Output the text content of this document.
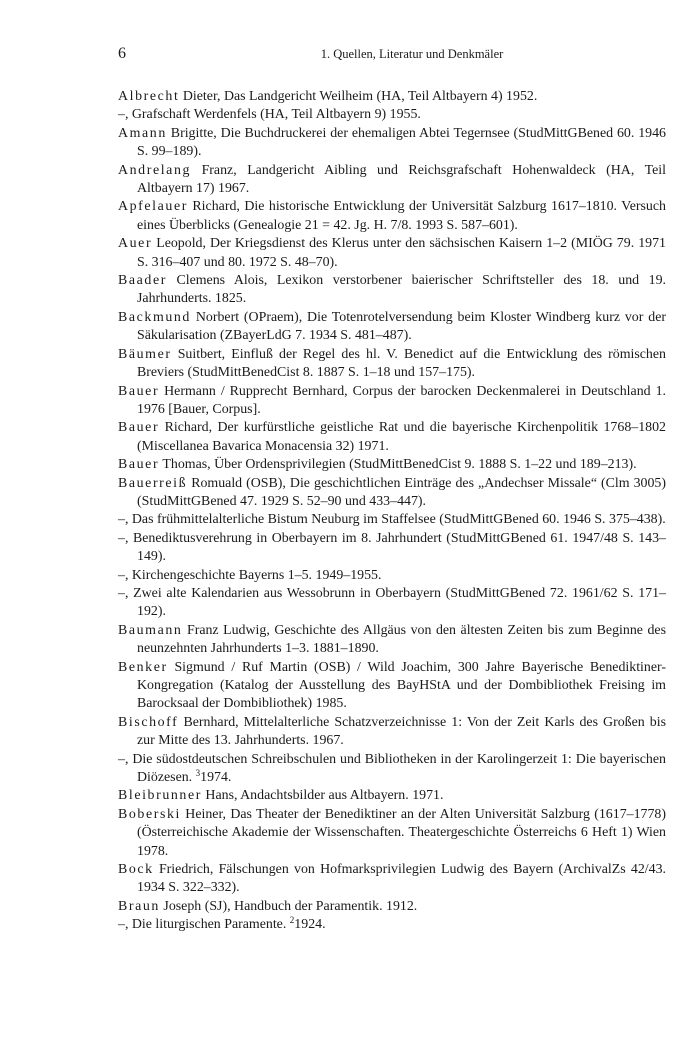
6	1. Quellen, Literatur und Denkmäler

Albrecht Dieter, Das Landgericht Weilheim (HA, Teil Altbayern 4) 1952.

–, Grafschaft Werdenfels (HA, Teil Altbayern 9) 1955.

Amann Brigitte, Die Buchdruckerei der ehemaligen Abtei Tegernsee (StudMittGBened 60. 1946 S. 99–189).

Andrelang Franz, Landgericht Aibling und Reichsgrafschaft Hohenwaldeck (HA, Teil Altbayern 17) 1967.

Apfelauer Richard, Die historische Entwicklung der Universität Salzburg 1617–1810. Versuch eines Überblicks (Genealogie 21 = 42. Jg. H. 7/8. 1993 S. 587–601).

Auer Leopold, Der Kriegsdienst des Klerus unter den sächsischen Kaisern 1–2 (MIÖG 79. 1971 S. 316–407 und 80. 1972 S. 48–70).

Baader Clemens Alois, Lexikon verstorbener baierischer Schriftsteller des 18. und 19. Jahrhunderts. 1825.

Backmund Norbert (OPraem), Die Totenrotelversendung beim Kloster Windberg kurz vor der Säkularisation (ZBayerLdG 7. 1934 S. 481–487).

Bäumer Suitbert, Einfluß der Regel des hl. V. Benedict auf die Entwicklung des römischen Breviers (StudMittBenedCist 8. 1887 S. 1–18 und 157–175).

Bauer Hermann / Rupprecht Bernhard, Corpus der barocken Deckenmalerei in Deutschland 1. 1976 [Bauer, Corpus].

Bauer Richard, Der kurfürstliche geistliche Rat und die bayerische Kirchenpolitik 1768–1802 (Miscellanea Bavarica Monacensia 32) 1971.

Bauer Thomas, Über Ordensprivilegien (StudMittBenedCist 9. 1888 S. 1–22 und 189–213).

Bauerreiß Romuald (OSB), Die geschichtlichen Einträge des „Andechser Missale“ (Clm 3005) (StudMittGBened 47. 1929 S. 52–90 und 433–447).

–, Das frühmittelalterliche Bistum Neuburg im Staffelsee (StudMittGBened 60. 1946 S. 375–438).

–, Benediktusverehrung in Oberbayern im 8. Jahrhundert (StudMittGBened 61. 1947/48 S. 143–149).

–, Kirchengeschichte Bayerns 1–5. 1949–1955.

–, Zwei alte Kalendarien aus Wessobrunn in Oberbayern (StudMittGBened 72. 1961/62 S. 171–192).

Baumann Franz Ludwig, Geschichte des Allgäus von den ältesten Zeiten bis zum Beginne des neunzehnten Jahrhunderts 1–3. 1881–1890.

Benker Sigmund / Ruf Martin (OSB) / Wild Joachim, 300 Jahre Bayerische Benediktiner-Kongregation (Katalog der Ausstellung des BayHStA und der Dombibliothek Freising im Barocksaal der Dombibliothek) 1985.

Bischoff Bernhard, Mittelalterliche Schatzverzeichnisse 1: Von der Zeit Karls des Großen bis zur Mitte des 13. Jahrhunderts. 1967.

–, Die südostdeutschen Schreibschulen und Bibliotheken in der Karolingerzeit 1: Die bayerischen Diözesen. $^3$1974.

Bleibrunner Hans, Andachtsbilder aus Altbayern. 1971.

Boberski Heiner, Das Theater der Benediktiner an der Alten Universität Salzburg (1617–1778) (Österreichische Akademie der Wissenschaften. Theatergeschichte Österreichs 6 Heft 1) Wien 1978.

Bock Friedrich, Fälschungen von Hofmarksprivilegien Ludwig des Bayern (ArchivalZs 42/43. 1934 S. 322–332).

Braun Joseph (SJ), Handbuch der Paramentik. 1912.

–, Die liturgischen Paramente. $^2$1924.
